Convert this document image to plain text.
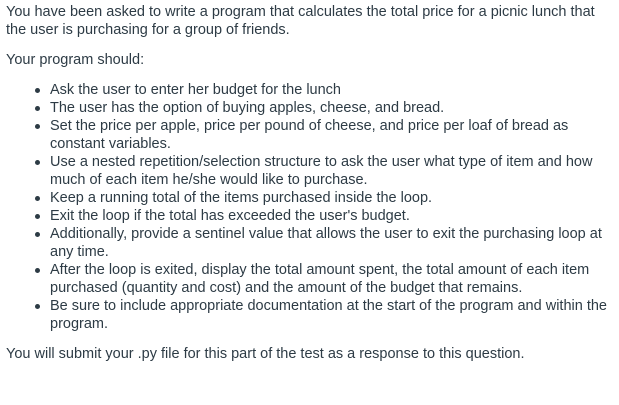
You have been asked to write a program that calculates the total price for a picnic lunch that the user is purchasing for a group of friends.

Your program should:

Ask the user to enter her budget for the lunch
The user has the option of buying apples, cheese, and bread.
Set the price per apple, price per pound of cheese, and price per loaf of bread as constant variables.
Use a nested repetition/selection structure to ask the user what type of item and how much of each item he/she would like to purchase.
Keep a running total of the items purchased inside the loop.
Exit the loop if the total has exceeded the user's budget.
Additionally, provide a sentinel value that allows the user to exit the purchasing loop at any time.
After the loop is exited, display the total amount spent, the total amount of each item purchased (quantity and cost) and the amount of the budget that remains.
Be sure to include appropriate documentation at the start of the program and within the program.

You will submit your .py file for this part of the test as a response to this question.
